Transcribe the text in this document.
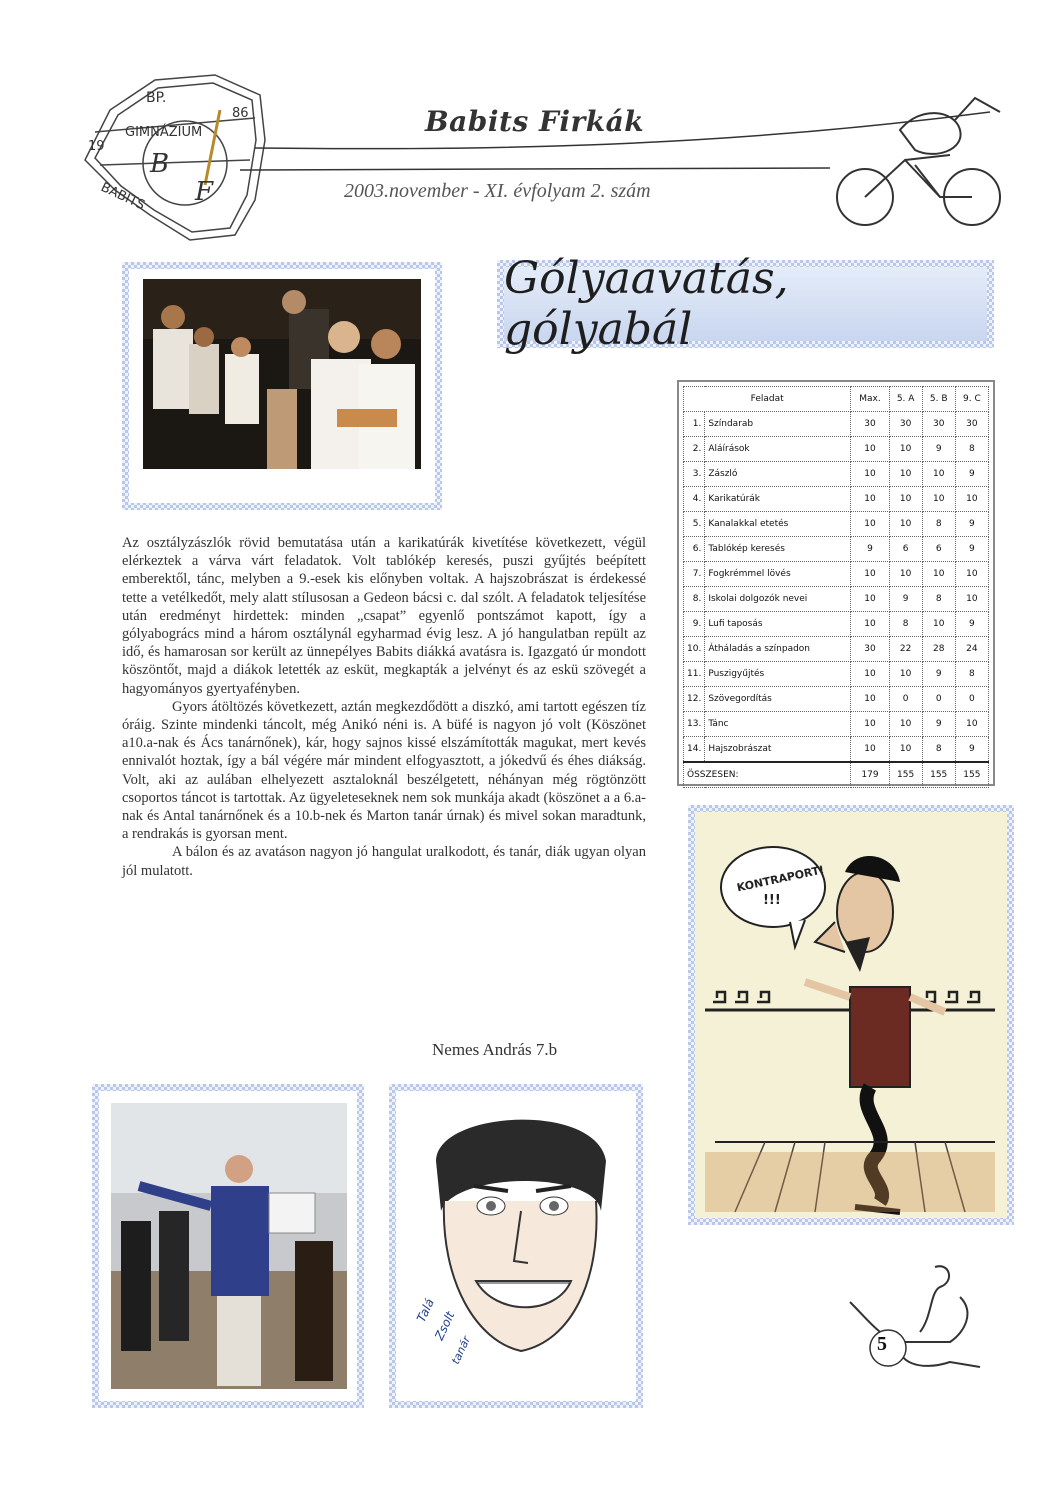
BP.
GIMNÁZIUM
86
19
BABITS
B
F
Babits Firkák
2003.november - XI. évfolyam 2. szám
Gólyaavatás, gólyabál
Feladat		Max.	5. A	5. B	9. C
1.	Színdarab	30	30	30	30
2.	Aláírások	10	10	9	8
3.	Zászló	10	10	10	9
4.	Karikatúrák	10	10	10	10
5.	Kanalakkal etetés	10	10	8	9
6.	Tablókép keresés	9	6	6	9
7.	Fogkrémmel lövés	10	10	10	10
8.	Iskolai dolgozók nevei	10	9	8	10
9.	Lufi taposás	10	8	10	9
10.	Átháladás a színpadon	30	22	28	24
11.	Puszigyűjtés	10	10	9	8
12.	Szövegordítás	10	0	0	0
13.	Tánc	10	10	9	10
14.	Hajszobrászat	10	10	8	9
ÖSSZESEN:		179	155	155	155

Az osztályzászlók rövid bemutatása után a karikatúrák kivetítése következett, végül elérkeztek a várva várt feladatok. Volt tablókép keresés, puszi gyűjtés beépített emberektől, tánc, melyben a 9.-esek kis előnyben voltak. A hajszobrászat is érdekessé tette a vetélkedőt, mely alatt stílusosan a Gedeon bácsi c. dal szólt. A feladatok teljesítése után eredményt hirdettek: minden „csapat” egyenlő pontszámot kapott, így a gólyabogrács mind a három osztálynál egyharmad évig lesz. A jó hangulatban repült az idő, és hamarosan sor került az ünnepélyes Babits diákká avatásra is. Igazgató úr mondott köszöntőt, majd a diákok letették az esküt, megkapták a jelvényt és az eskü szövegét a hagyományos gyertyafényben.

Gyors átöltözés következett, aztán megkezdődött a diszkó, ami tartott egészen tíz óráig. Szinte mindenki táncolt, még Anikó néni is. A büfé is nagyon jó volt (Köszönet a10.a-nak és Ács tanárnőnek), kár, hogy sajnos kissé elszámították magukat, mert kevés ennivalót hoztak, így a bál végére már mindent elfogyasztott, a jókedvű és éhes diákság. Volt, aki az aulában elhelyezett asztaloknál beszélgetett, néhányan még rögtönzött csoportos táncot is tartottak. Az ügyeleteseknek nem sok munkája akadt (köszönet a a 6.a-nak és Antal tanárnőnek és a 10.b-nek és Marton tanár úrnak) és mivel sokan maradtunk, a rendrakás is gyorsan ment.

A bálon és az avatáson nagyon jó hangulat uralkodott, és tanár, diák ugyan olyan jól mulatott.

Nemes András 7.b
KONTRAPORT!
!!!
Talá
Zsolt
tanár	5
